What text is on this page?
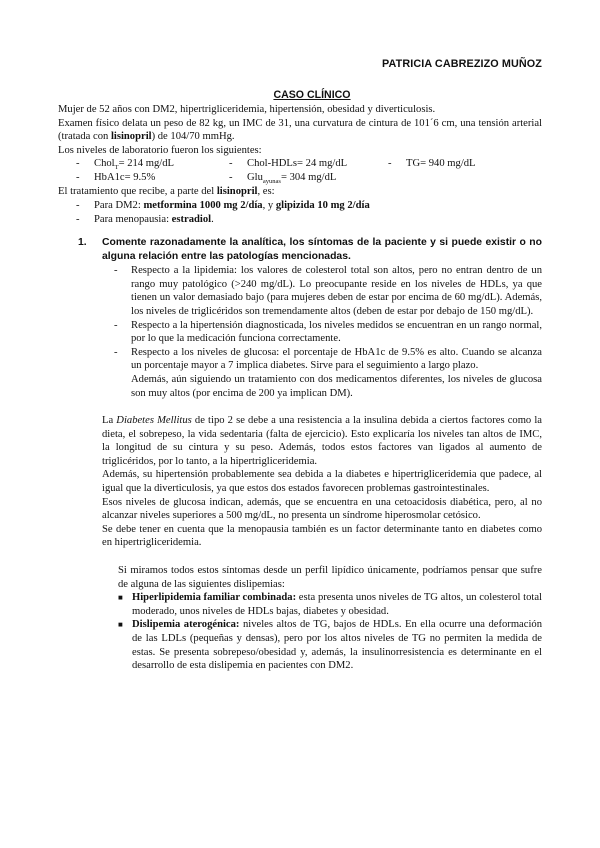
PATRICIA CABREZIZO MUÑOZ
CASO CLÍNICO

Mujer de 52 años con DM2, hipertrigliceridemia, hipertensión, obesidad y diverticulosis.

Examen físico delata un peso de 82 kg, un IMC de 31, una curvatura de cintura de 101´6 cm, una tensión arterial (tratada con lisinopril) de 104/70 mmHg.

Los niveles de laboratorio fueron los siguientes:

- Chol$_T$= 214 mg/dL	- Chol-HDLs= 24 mg/dL	- TG= 940 mg/dL
- HbA1c= 9.5%	- Glu$_{ayunas}$= 304 mg/dL

El tratamiento que recibe, a parte del lisinopril, es:

-	Para DM2: metformina 1000 mg 2/día, y glipizida 10 mg 2/día
-	Para menopausia: estradiol.
1.	Comente razonadamente la analítica, los síntomas de la paciente y si puede existir o no alguna relación entre las patologías mencionadas.
-	Respecto a la lipidemia: los valores de colesterol total son altos, pero no entran dentro de un rango muy patológico (>240 mg/dL). Lo preocupante reside en los niveles de HDLs, ya que tienen un valor demasiado bajo (para mujeres deben de estar por encima de 60 mg/dL). Además, los niveles de triglicéridos son tremendamente altos (deben de estar por debajo de 150 mg/dL).
-	Respecto a la hipertensión diagnosticada, los niveles medidos se encuentran en un rango normal, por lo que la medicación funciona correctamente.
-	Respecto a los niveles de glucosa: el porcentaje de HbA1c de 9.5% es alto. Cuando se alcanza un porcentaje mayor a 7 implica diabetes. Sirve para el seguimiento a largo plazo.
Además, aún siguiendo un tratamiento con dos medicamentos diferentes, los niveles de glucosa son muy altos (por encima de 200 ya implican DM).

La Diabetes Mellitus de tipo 2 se debe a una resistencia a la insulina debida a ciertos factores como la dieta, el sobrepeso, la vida sedentaria (falta de ejercicio). Esto explicaría los niveles tan altos de IMC, la longitud de su cintura y su peso. Además, todos estos factores van ligados al aumento de triglicéridos, por lo tanto, a la hipertrigliceridemia.

Además, su hipertensión probablemente sea debida a la diabetes e hipertrigliceridemia que padece, al igual que la diverticulosis, ya que estos dos estados favorecen problemas gastrointestinales.

Esos niveles de glucosa indican, además, que se encuentra en una cetoacidosis diabética, pero, al no alcanzar niveles superiores a 500 mg/dL, no presenta un síndrome hiperosmolar cetósico.

Se debe tener en cuenta que la menopausia también es un factor determinante tanto en diabetes como en hipertrigliceridemia.

Si miramos todos estos síntomas desde un perfil lipídico únicamente, podríamos pensar que sufre de alguna de las siguientes dislipemias:

■ Hiperlipidemia familiar combinada: esta presenta unos niveles de TG altos, un colesterol total moderado, unos niveles de HDLs bajas, diabetes y obesidad.
■ Dislipemia aterogénica: niveles altos de TG, bajos de HDLs. En ella ocurre una deformación de las LDLs (pequeñas y densas), pero por los altos niveles de TG no permiten la medida de estas. Se presenta sobrepeso/obesidad y, además, la insulinorresistencia es determinante en el desarrollo de esta dislipemia en pacientes con DM2.
